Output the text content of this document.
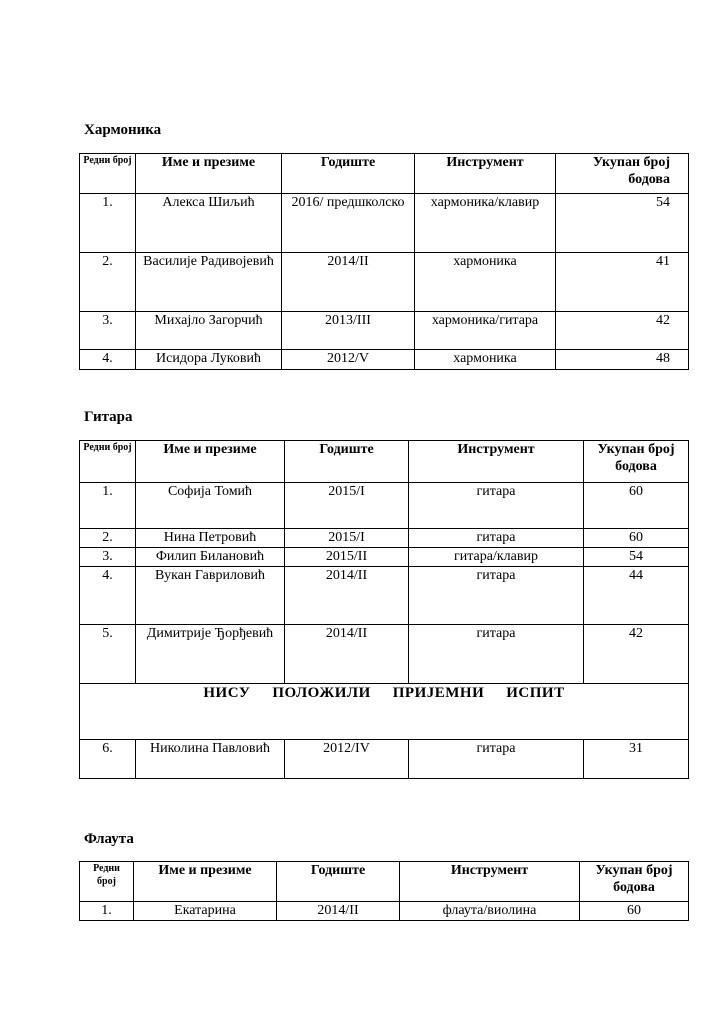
Хармоника
Редни број	Име и презиме	Годиште	Инструмент	Укупан број бодова
1.	Алекса Шиљић	2016/ предшколско	хармоника/клавир	54
2.	Василије Радивојевић	2014/II	хармоника	41
3.	Михајло Загорчић	2013/III	хармоника/гитара	42
4.	Исидора Луковић	2012/V	хармоника	48
Гитара
Редни број	Име и презиме	Годиште	Инструмент	Укупан број бодова
1.	Софија Томић	2015/I	гитара	60
2.	Нина Петровић	2015/I	гитара	60
3.	Филип Билановић	2015/II	гитара/клавир	54
4.	Вукан Гавриловић	2014/II	гитара	44
5.	Димитрије Ђорђевић	2014/II	гитара	42
НИСУ ПОЛОЖИЛИ ПРИЈЕМНИ ИСПИТ				
6.	Николина Павловић	2012/IV	гитара	31
Флаута
Редни број	Име и презиме	Годиште	Инструмент	Укупан број бодова
1.	Екатарина	2014/II	флаута/виолина	60
